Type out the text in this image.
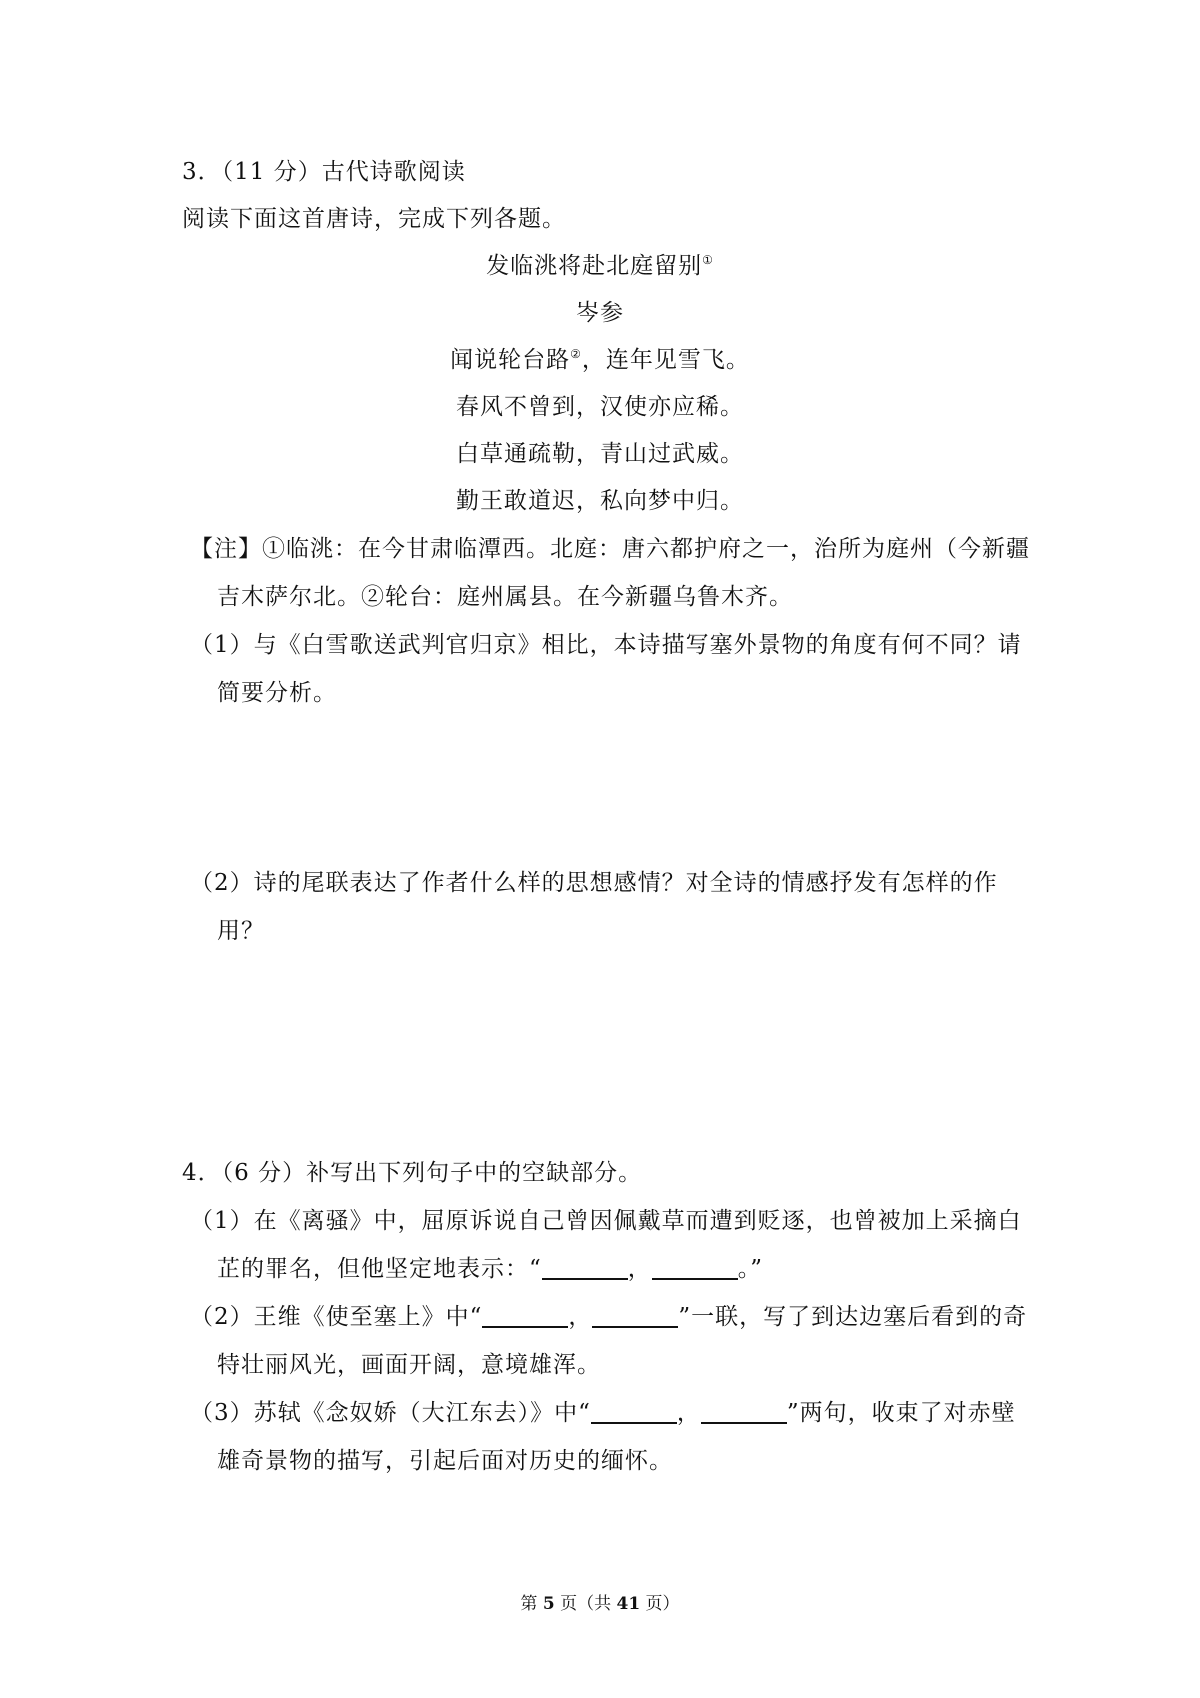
3．（11 分）古代诗歌阅读
阅读下面这首唐诗，完成下列各题。
发临洮将赴北庭留别①
岑参
闻说轮台路②，连年见雪飞。
春风不曾到，汉使亦应稀。
白草通疏勒，青山过武威。
勤王敢道迟，私向梦中归。
【注】①临洮：在今甘肃临潭西。北庭：唐六都护府之一，治所为庭州（今新疆
吉木萨尔北。②轮台：庭州属县。在今新疆乌鲁木齐。
（1）与《白雪歌送武判官归京》相比，本诗描写塞外景物的角度有何不同？请
简要分析。
（2）诗的尾联表达了作者什么样的思想感情？对全诗的情感抒发有怎样的作
用？
4．（6 分）补写出下列句子中的空缺部分。
（1）在《离骚》中，屈原诉说自己曾因佩戴草而遭到贬逐，也曾被加上采摘白
芷的罪名，但他坚定地表示：“	，	。”
（2）王维《使至塞上》中“	，	”一联，写了到达边塞后看到的奇
特壮丽风光，画面开阔，意境雄浑。
（3）苏轼《念奴娇（大江东去）》中“	，	”两句，收束了对赤壁
雄奇景物的描写，引起后面对历史的缅怀。
第 5 页（共 41 页）
